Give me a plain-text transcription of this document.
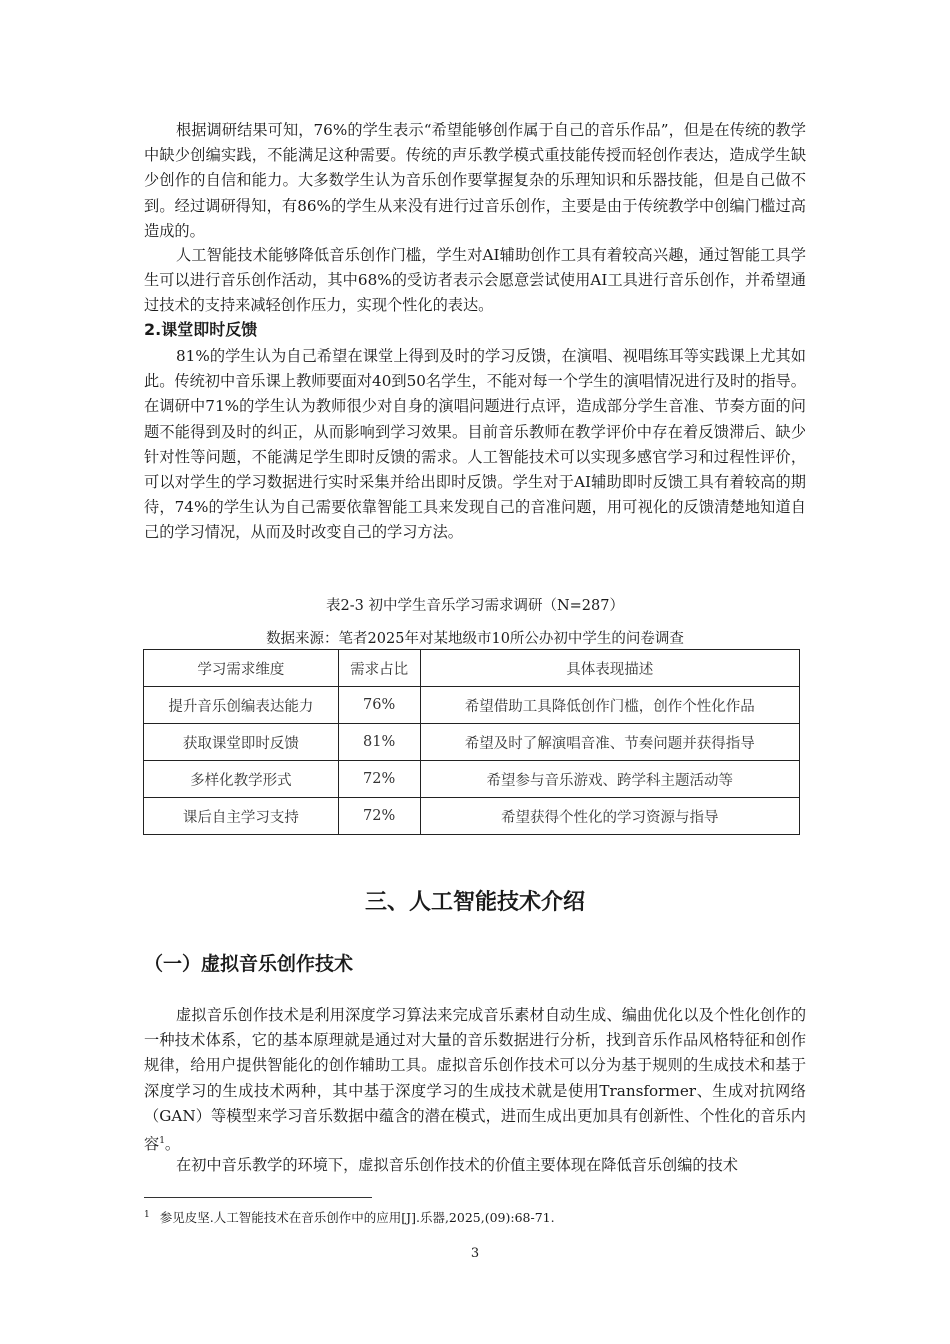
根据调研结果可知，76%的学生表示“希望能够创作属于自己的音乐作品”，但是在传统的教学中缺少创编实践，不能满足这种需要。传统的声乐教学模式重技能传授而轻创作表达，造成学生缺少创作的自信和能力。大多数学生认为音乐创作要掌握复杂的乐理知识和乐器技能，但是自己做不到。经过调研得知，有86%的学生从来没有进行过音乐创作，主要是由于传统教学中创编门槛过高造成的。

人工智能技术能够降低音乐创作门槛，学生对AI辅助创作工具有着较高兴趣，通过智能工具学生可以进行音乐创作活动，其中68%的受访者表示会愿意尝试使用AI工具进行音乐创作，并希望通过技术的支持来减轻创作压力，实现个性化的表达。

2.课堂即时反馈

81%的学生认为自己希望在课堂上得到及时的学习反馈，在演唱、视唱练耳等实践课上尤其如此。传统初中音乐课上教师要面对40到50名学生，不能对每一个学生的演唱情况进行及时的指导。在调研中71%的学生认为教师很少对自身的演唱问题进行点评，造成部分学生音准、节奏方面的问题不能得到及时的纠正，从而影响到学习效果。目前音乐教师在教学评价中存在着反馈滞后、缺少针对性等问题，不能满足学生即时反馈的需求。人工智能技术可以实现多感官学习和过程性评价，可以对学生的学习数据进行实时采集并给出即时反馈。学生对于AI辅助即时反馈工具有着较高的期待，74%的学生认为自己需要依靠智能工具来发现自己的音准问题，用可视化的反馈清楚地知道自己的学习情况，从而及时改变自己的学习方法。

表2-3 初中学生音乐学习需求调研（N=287）

数据来源：笔者2025年对某地级市10所公办初中学生的问卷调查

学习需求维度	需求占比	具体表现描述
提升音乐创编表达能力	76%	希望借助工具降低创作门槛，创作个性化作品
获取课堂即时反馈	81%	希望及时了解演唱音准、节奏问题并获得指导
多样化教学形式	72%	希望参与音乐游戏、跨学科主题活动等
课后自主学习支持	72%	希望获得个性化的学习资源与指导

三、人工智能技术介绍

（一）虚拟音乐创作技术

虚拟音乐创作技术是利用深度学习算法来完成音乐素材自动生成、编曲优化以及个性化创作的一种技术体系，它的基本原理就是通过对大量的音乐数据进行分析，找到音乐作品风格特征和创作规律，给用户提供智能化的创作辅助工具。虚拟音乐创作技术可以分为基于规则的生成技术和基于深度学习的生成技术两种，其中基于深度学习的生成技术就是使用Transformer、生成对抗网络（GAN）等模型来学习音乐数据中蕴含的潜在模式，进而生成出更加具有创新性、个性化的音乐内容$^1$。

在初中音乐教学的环境下，虚拟音乐创作技术的价值主要体现在降低音乐创编的技术

$^1$ 参见皮坚.人工智能技术在音乐创作中的应用[J].乐器,2025,(09):68-71.

3
